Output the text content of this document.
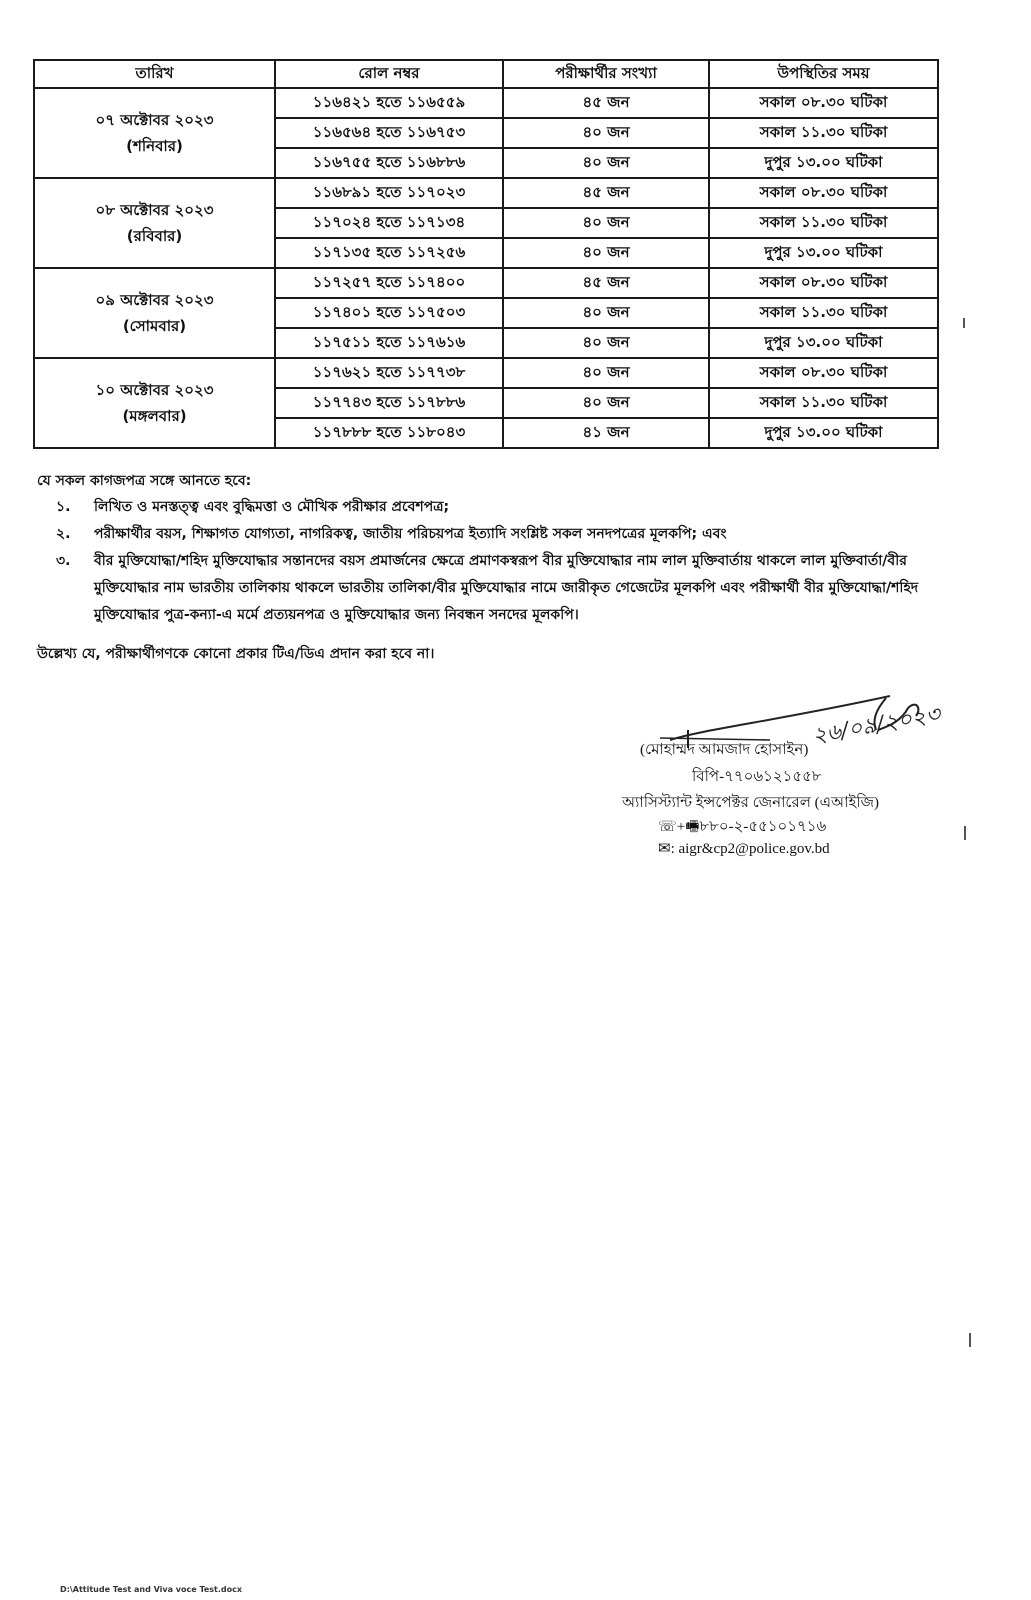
তারিখ	রোল নম্বর	পরীক্ষার্থীর সংখ্যা	উপস্থিতির সময়

০৭ অক্টোবর ২০২৩
(শনিবার)	১১৬৪২১ হতে ১১৬৫৫৯	৪৫ জন	সকাল ০৮.৩০ ঘটিকা
	১১৬৫৬৪ হতে ১১৬৭৫৩	৪০ জন	সকাল ১১.৩০ ঘটিকা
	১১৬৭৫৫ হতে ১১৬৮৮৬	৪০ জন	দুপুর ১৩.০০ ঘটিকা

০৮ অক্টোবর ২০২৩
(রবিবার)	১১৬৮৯১ হতে ১১৭০২৩	৪৫ জন	সকাল ০৮.৩০ ঘটিকা
	১১৭০২৪ হতে ১১৭১৩৪	৪০ জন	সকাল ১১.৩০ ঘটিকা
	১১৭১৩৫ হতে ১১৭২৫৬	৪০ জন	দুপুর ১৩.০০ ঘটিকা

০৯ অক্টোবর ২০২৩
(সোমবার)	১১৭২৫৭ হতে ১১৭৪০০	৪৫ জন	সকাল ০৮.৩০ ঘটিকা
	১১৭৪০১ হতে ১১৭৫০৩	৪০ জন	সকাল ১১.৩০ ঘটিকা
	১১৭৫১১ হতে ১১৭৬১৬	৪০ জন	দুপুর ১৩.০০ ঘটিকা

১০ অক্টোবর ২০২৩
(মঙ্গলবার)	১১৭৬২১ হতে ১১৭৭৩৮	৪০ জন	সকাল ০৮.৩০ ঘটিকা
	১১৭৭৪৩ হতে ১১৭৮৮৬	৪০ জন	সকাল ১১.৩০ ঘটিকা
	১১৭৮৮৮ হতে ১১৮০৪৩	৪১ জন	দুপুর ১৩.০০ ঘটিকা
যে সকল কাগজপত্র সঙ্গে আনতে হবে:
১.	লিখিত ও মনস্তত্ত্ব এবং বুদ্ধিমত্তা ও মৌখিক পরীক্ষার প্রবেশপত্র;
২.	পরীক্ষার্থীর বয়স, শিক্ষাগত যোগ্যতা, নাগরিকত্ব, জাতীয় পরিচয়পত্র ইত্যাদি সংশ্লিষ্ট সকল সনদপত্রের মূলকপি; এবং
৩.	বীর মুক্তিযোদ্ধা/শহিদ মুক্তিযোদ্ধার সন্তানদের বয়স প্রমার্জনের ক্ষেত্রে প্রমাণকস্বরূপ বীর মুক্তিযোদ্ধার নাম লাল মুক্তিবার্তায় থাকলে লাল মুক্তিবার্তা/বীর মুক্তিযোদ্ধার নাম ভারতীয় তালিকায় থাকলে ভারতীয় তালিকা/বীর মুক্তিযোদ্ধার নামে জারীকৃত গেজেটের মূলকপি এবং পরীক্ষার্থী বীর মুক্তিযোদ্ধা/শহিদ মুক্তিযোদ্ধার পুত্র-কন্যা-এ মর্মে প্রত্যয়নপত্র ও মুক্তিযোদ্ধার জন্য নিবন্ধন সনদের মূলকপি।
উল্লেখ্য যে, পরীক্ষার্থীগণকে কোনো প্রকার টিএ/ডিএ প্রদান করা হবে না।
২৬/০৯/২০২৩
(মোহাম্মদ আমজাদ হোসাইন)
বিপি-৭৭০৬১২১৫৫৮
অ্যাসিস্ট্যান্ট ইন্সপেক্টর জেনারেল (এআইজি)
☏+🖷৮৮০-২-৫৫১০১৭১৬
✉: aigr&cp2@police.gov.bd
D:\Attitude Test and Viva voce Test.docx
